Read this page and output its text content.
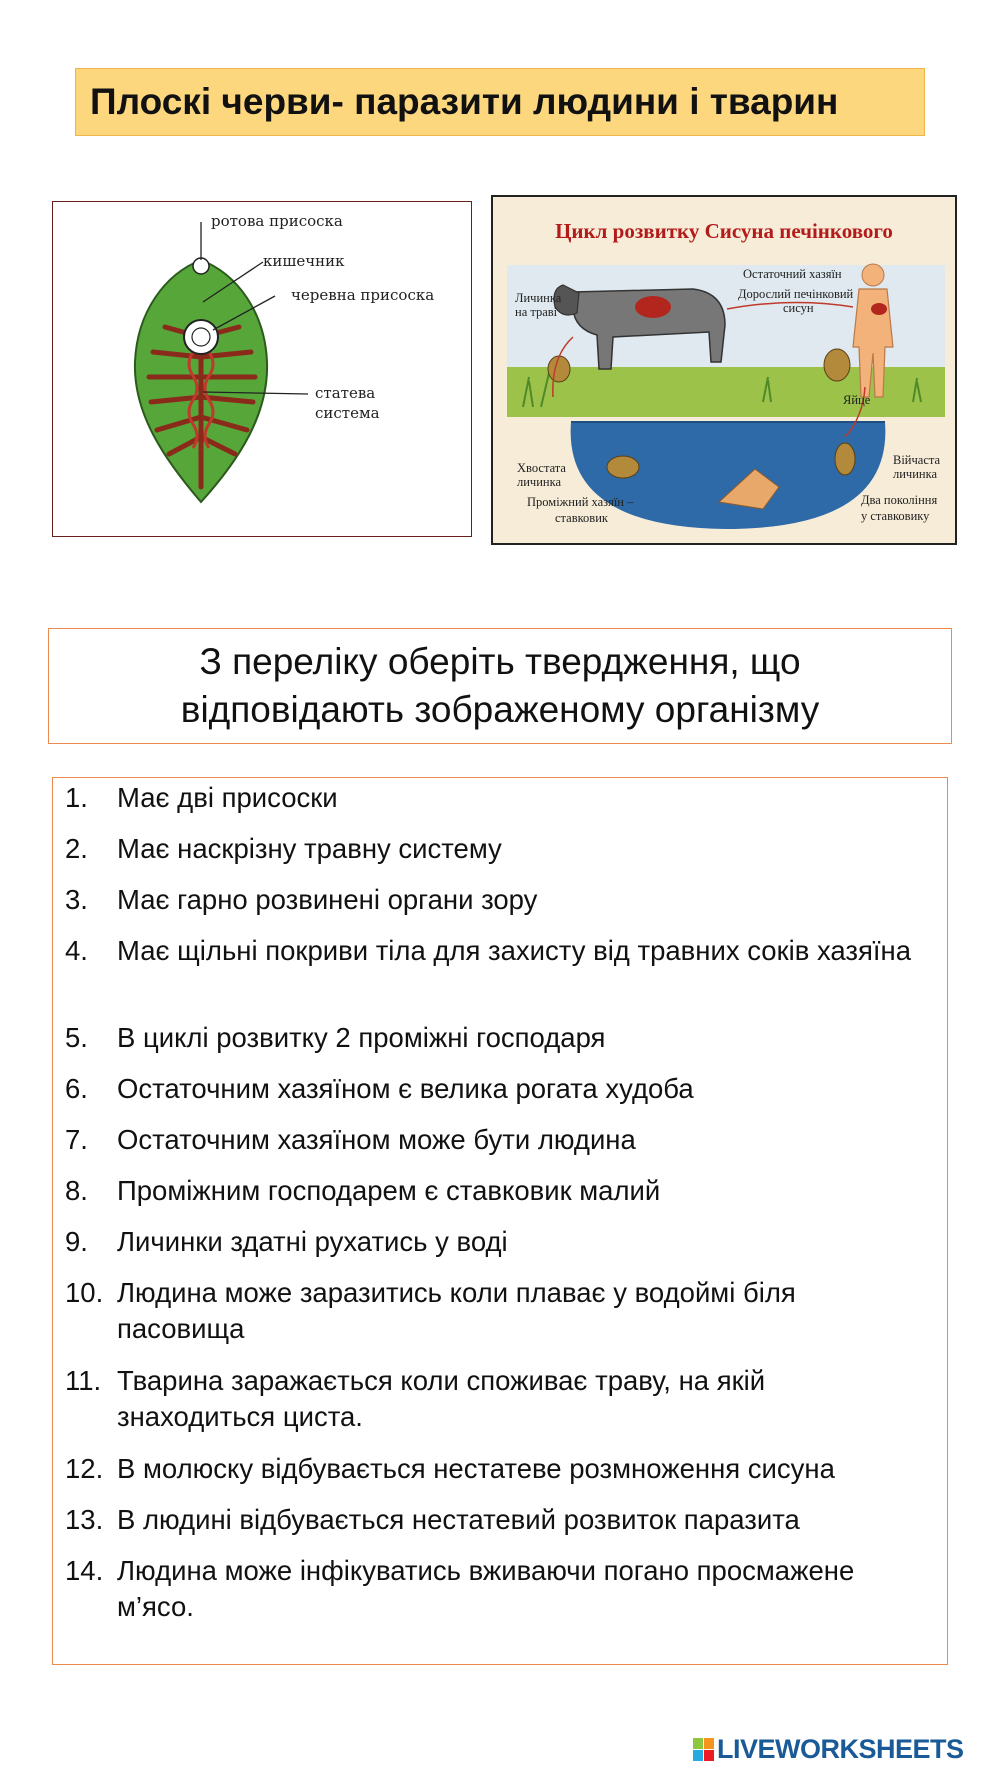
Плоскі черви- паразити людини і тварин
ротова присоска
кишечник
черевна присоска
статева
система
Цикл розвитку Сисуна печінкового
Остаточний хазяїн
Дорослий печінковий
сисун
Личинка
на траві
Яйце
Хвостата
личинка
Війчаста
личинка
Проміжний хазяїн –
ставковик
Два покоління
у ставковику
З переліку оберіть твердження, що
відповідають зображеному організму
1. Має дві присоски
2. Має наскрізну травну систему
3. Має гарно розвинені органи зору
4. Має щільні покриви тіла для захисту від травних соків хазяїна
5. В циклі розвитку 2 проміжні господаря
6. Остаточним хазяїном є велика рогата худоба
7. Остаточним хазяїном може бути людина
8. Проміжним господарем є ставковик малий
9. Личинки здатні рухатись у воді
10. Людина може заразитись коли плаває у водоймі біля пасовища
11. Тварина заражається коли споживає траву, на якій знаходиться циста.
12. В молюску відбувається нестатеве розмноження сисуна
13. В людині відбувається нестатевий розвиток паразита
14. Людина може інфікуватись вживаючи погано просмажене м’ясо.
LIVEWORKSHEETS
